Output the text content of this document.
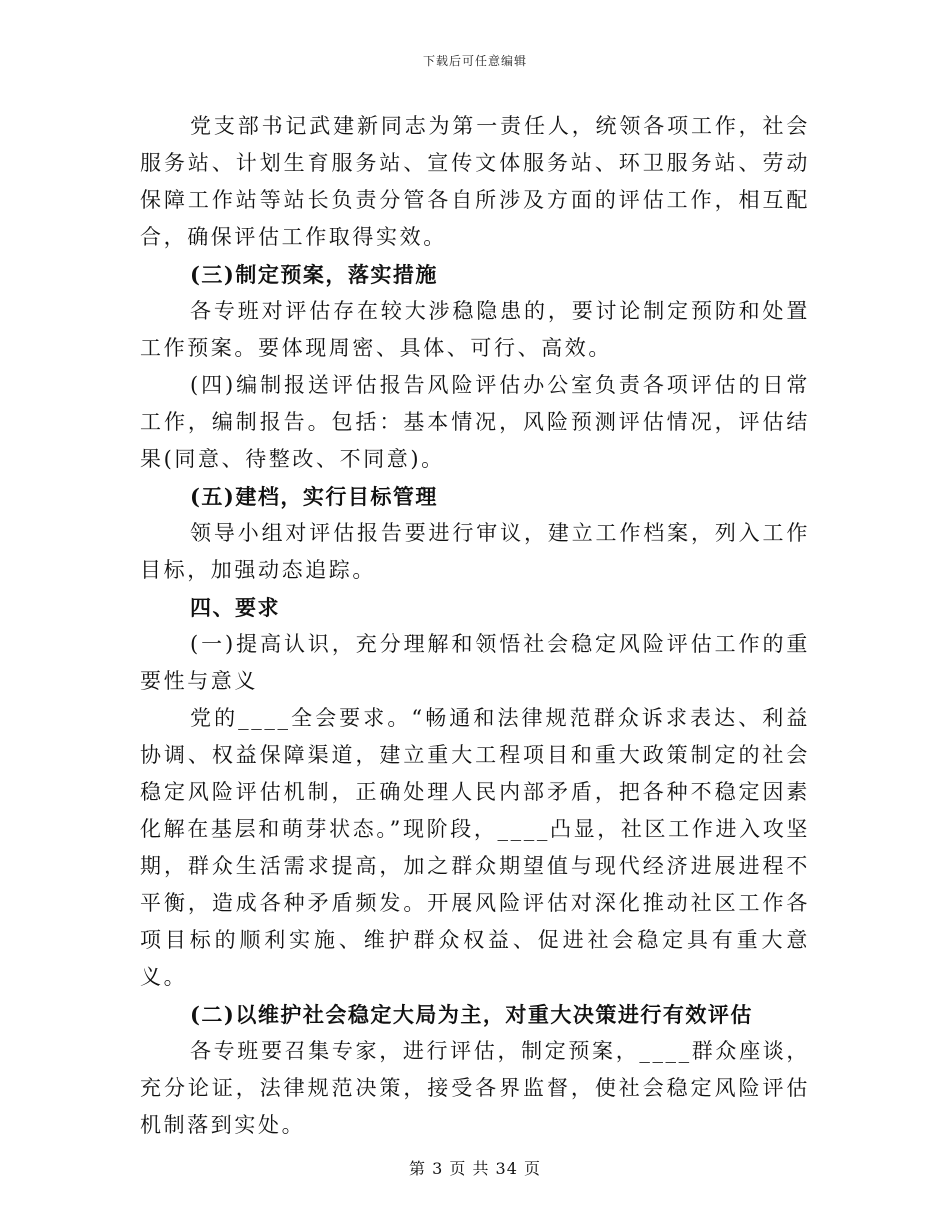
下载后可任意编辑

党支部书记武建新同志为第一责任人，统领各项工作，社会服务站、计划生育服务站、宣传文体服务站、环卫服务站、劳动保障工作站等站长负责分管各自所涉及方面的评估工作，相互配合，确保评估工作取得实效。

(三)制定预案，落实措施

各专班对评估存在较大涉稳隐患的，要讨论制定预防和处置工作预案。要体现周密、具体、可行、高效。

(四)编制报送评估报告风险评估办公室负责各项评估的日常工作，编制报告。包括：基本情况，风险预测评估情况，评估结果(同意、待整改、不同意)。

(五)建档，实行目标管理

领导小组对评估报告要进行审议，建立工作档案，列入工作目标，加强动态追踪。

四、要求

(一)提高认识，充分理解和领悟社会稳定风险评估工作的重要性与意义

党的____全会要求。“畅通和法律规范群众诉求表达、利益协调、权益保障渠道，建立重大工程项目和重大政策制定的社会稳定风险评估机制，正确处理人民内部矛盾，把各种不稳定因素化解在基层和萌芽状态。”现阶段，____凸显，社区工作进入攻坚期，群众生活需求提高，加之群众期望值与现代经济进展进程不平衡，造成各种矛盾频发。开展风险评估对深化推动社区工作各项目标的顺利实施、维护群众权益、促进社会稳定具有重大意义。

(二)以维护社会稳定大局为主，对重大决策进行有效评估

各专班要召集专家，进行评估，制定预案，____群众座谈，充分论证，法律规范决策，接受各界监督，使社会稳定风险评估机制落到实处。

第 3 页 共 34 页
